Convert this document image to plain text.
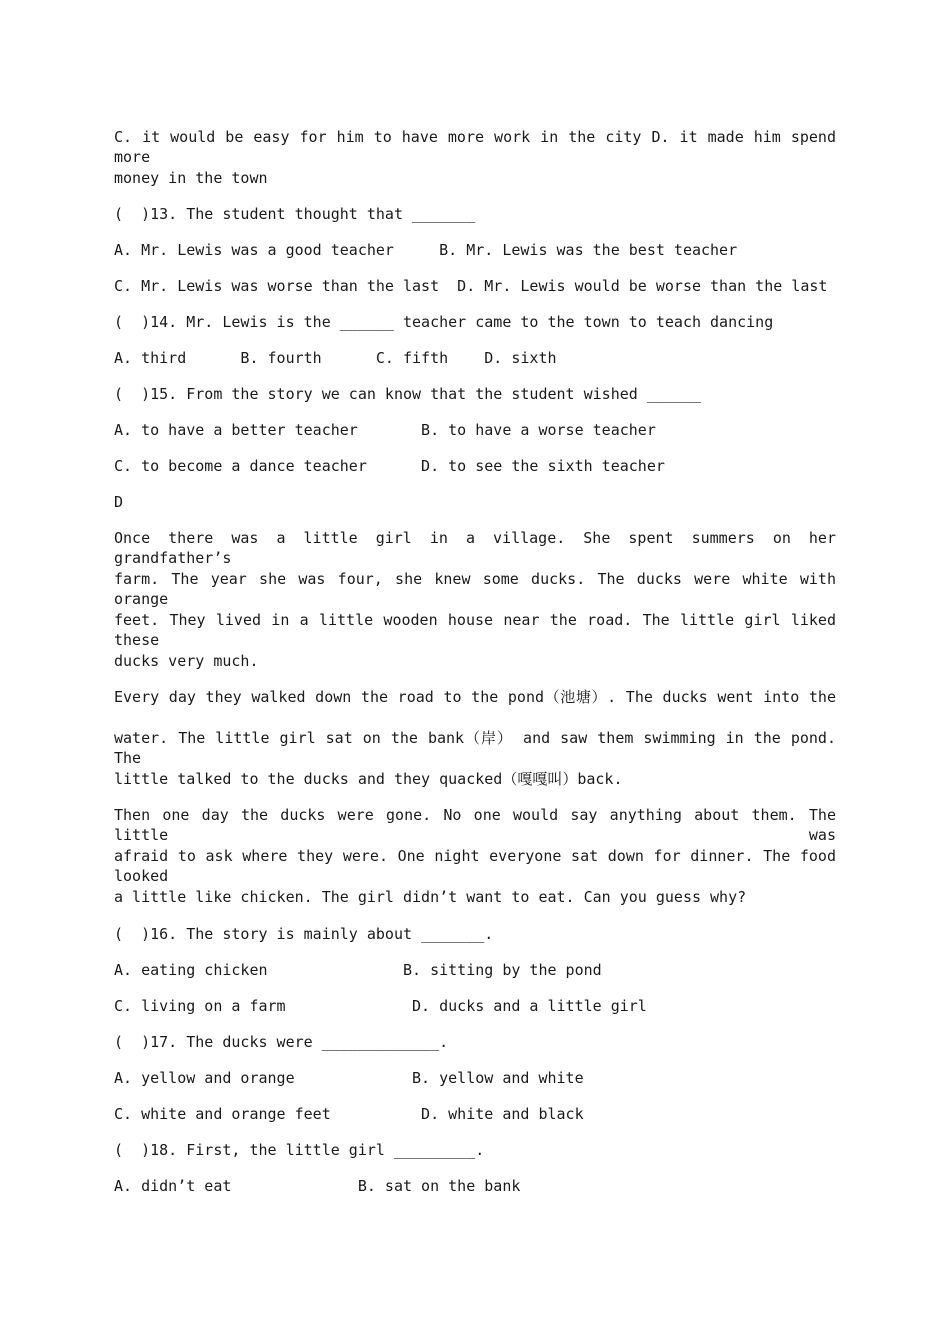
C. it would be easy for him to have more work in the city D. it made him spend more
money in the town
(  )13. The student thought that _______
A. Mr. Lewis was a good teacher     B. Mr. Lewis was the best teacher
C. Mr. Lewis was worse than the last  D. Mr. Lewis would be worse than the last
(  )14. Mr. Lewis is the ______ teacher came to the town to teach dancing
A. third      B. fourth      C. fifth    D. sixth
(  )15. From the story we can know that the student wished ______
A. to have a better teacher       B. to have a worse teacher
C. to become a dance teacher      D. to see the sixth teacher
D
Once there was a little girl in a village. She spent summers on her grandfather’s
farm. The year she was four, she knew some ducks. The ducks were white with orange
feet. They lived in a little wooden house near the road. The little girl liked these
ducks very much.
Every day they walked down the road to the pond（池塘）. The ducks went into the
water. The little girl sat on the bank（岸） and saw them swimming in the pond. The
little talked to the ducks and they quacked（嘎嘎叫）back.
Then one day the ducks were gone. No one would say anything about them. The little was
afraid to ask where they were. One night everyone sat down for dinner. The food looked
a little like chicken. The girl didn’t want to eat. Can you guess why?
(  )16. The story is mainly about _______.
A. eating chicken               B. sitting by the pond
C. living on a farm              D. ducks and a little girl
(  )17. The ducks were _____________.
A. yellow and orange             B. yellow and white
C. white and orange feet          D. white and black
(  )18. First, the little girl _________.
A. didn’t eat              B. sat on the bank
